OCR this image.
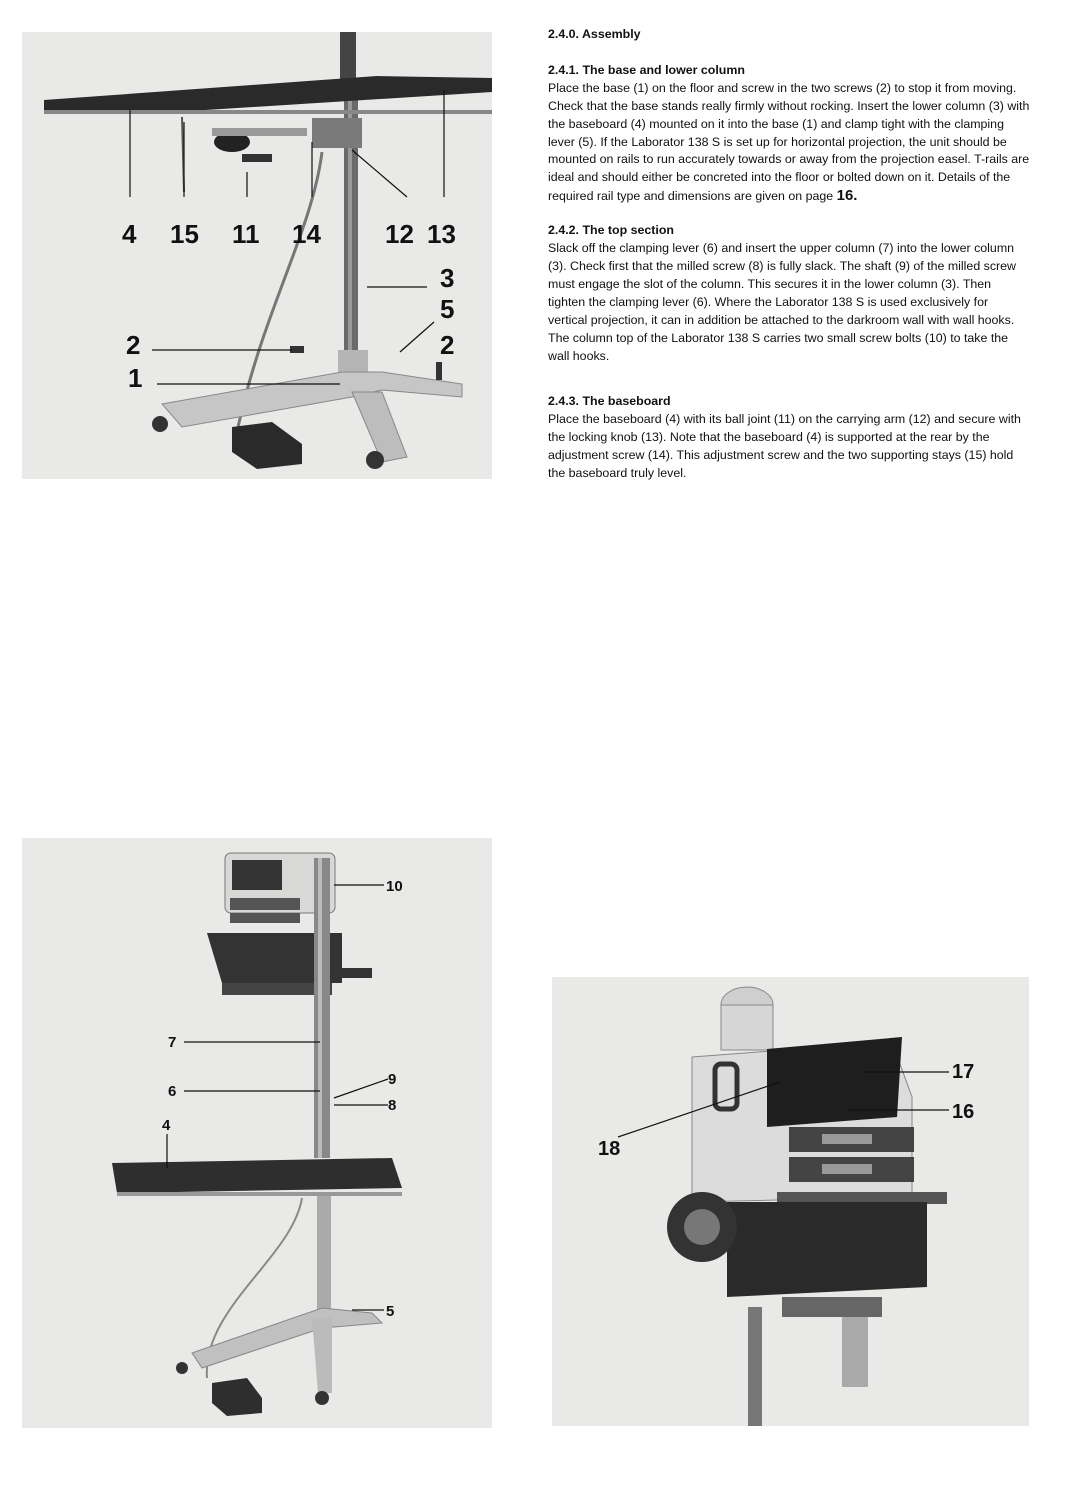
4 15 11 14 12 13
3
5
2	2
1

2.4.0. Assembly

2.4.1. The base and lower column

Place the base (1) on the floor and screw in the two screws (2) to stop it from moving. Check that the base stands really firmly without rocking. Insert the lower column (3) with the baseboard (4) mounted on it into the base (1) and clamp tight with the clamping lever (5). If the Laborator 138 S is set up for horizontal projection, the unit should be mounted on rails to run accurately towards or away from the projection easel. T-rails are ideal and should either be concreted into the floor or bolted down on it. Details of the required rail type and dimensions are given on page 16.

2.4.2. The top section

Slack off the clamping lever (6) and insert the upper column (7) into the lower column (3). Check first that the milled screw (8) is fully slack. The shaft (9) of the milled screw must engage the slot of the column. This secures it in the lower column (3). Then tighten the clamping lever (6). Where the Laborator 138 S is used exclusively for vertical projection, it can in addition be attached to the darkroom wall with wall hooks. The column top of the Laborator 138 S carries two small screw bolts (10) to take the wall hooks.

2.4.3. The baseboard

Place the baseboard (4) with its ball joint (11) on the carrying arm (12) and secure with the locking knob (13). Note that the baseboard (4) is supported at the rear by the adjustment screw (14). This adjustment screw and the two supporting stays (15) hold the baseboard truly level.

10
7
9
6
8
4
5
17
16
18
